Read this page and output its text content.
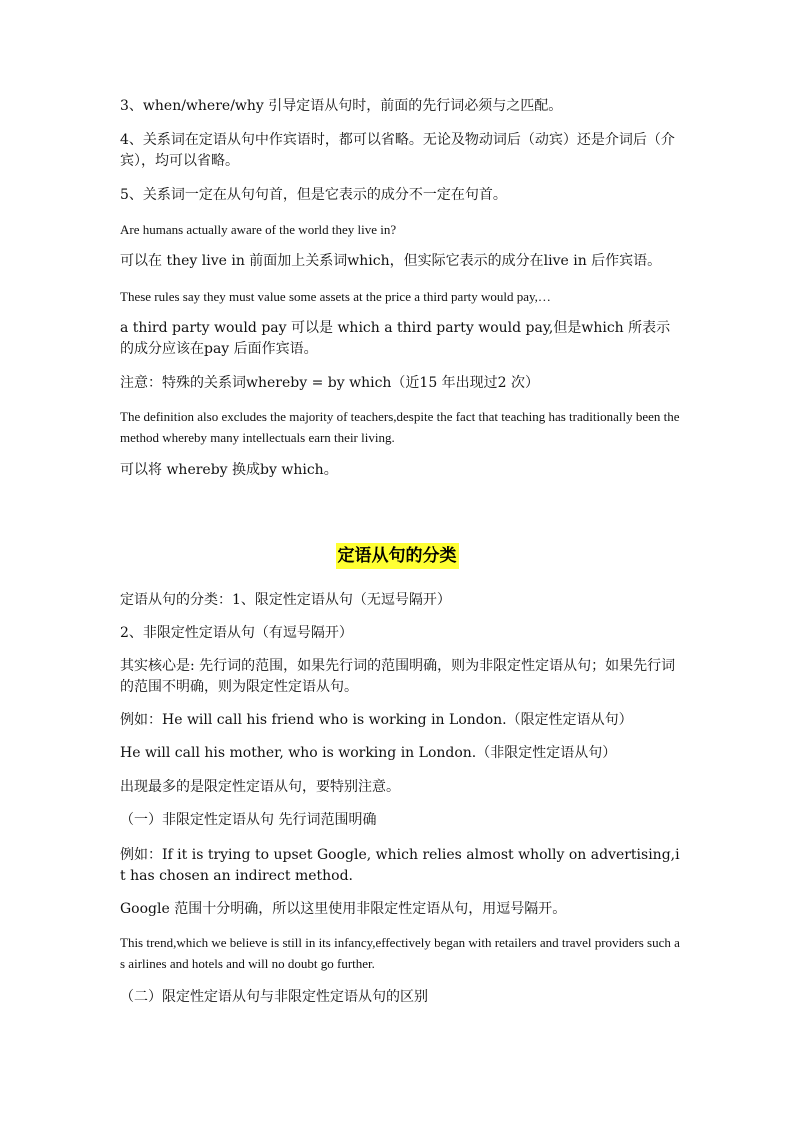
3、when/where/why 引导定语从句时，前面的先行词必须与之匹配。

4、关系词在定语从句中作宾语时，都可以省略。无论及物动词后（动宾）还是介词后（介宾），均可以省略。

5、关系词一定在从句句首，但是它表示的成分不一定在句首。

Are humans actually aware of the world they live in?

可以在 they live in 前面加上关系词which，但实际它表示的成分在live in 后作宾语。

These rules say they must value some assets at the price a third party would pay,…

a third party would pay 可以是 which a third party would pay,但是which 所表示的成分应该在pay 后面作宾语。

注意：特殊的关系词whereby = by which（近15 年出现过2 次）

The definition also excludes the majority of teachers,despite the fact that teaching has traditionally been the method whereby many intellectuals earn their living.

可以将 whereby 换成by which。

定语从句的分类

定语从句的分类：1、限定性定语从句（无逗号隔开）

2、非限定性定语从句（有逗号隔开）

其实核心是: 先行词的范围，如果先行词的范围明确，则为非限定性定语从句；如果先行词的范围不明确，则为限定性定语从句。

例如：He will call his friend who is working in London.（限定性定语从句）

He will call his mother, who is working in London.（非限定性定语从句）

出现最多的是限定性定语从句，要特别注意。

（一）非限定性定语从句 先行词范围明确

例如：If it is trying to upset Google, which relies almost wholly on advertising,it has chosen an indirect method.

Google 范围十分明确，所以这里使用非限定性定语从句，用逗号隔开。

This trend,which we believe is still in its infancy,effectively began with retailers and travel providers such as airlines and hotels and will no doubt go further.

（二）限定性定语从句与非限定性定语从句的区别
